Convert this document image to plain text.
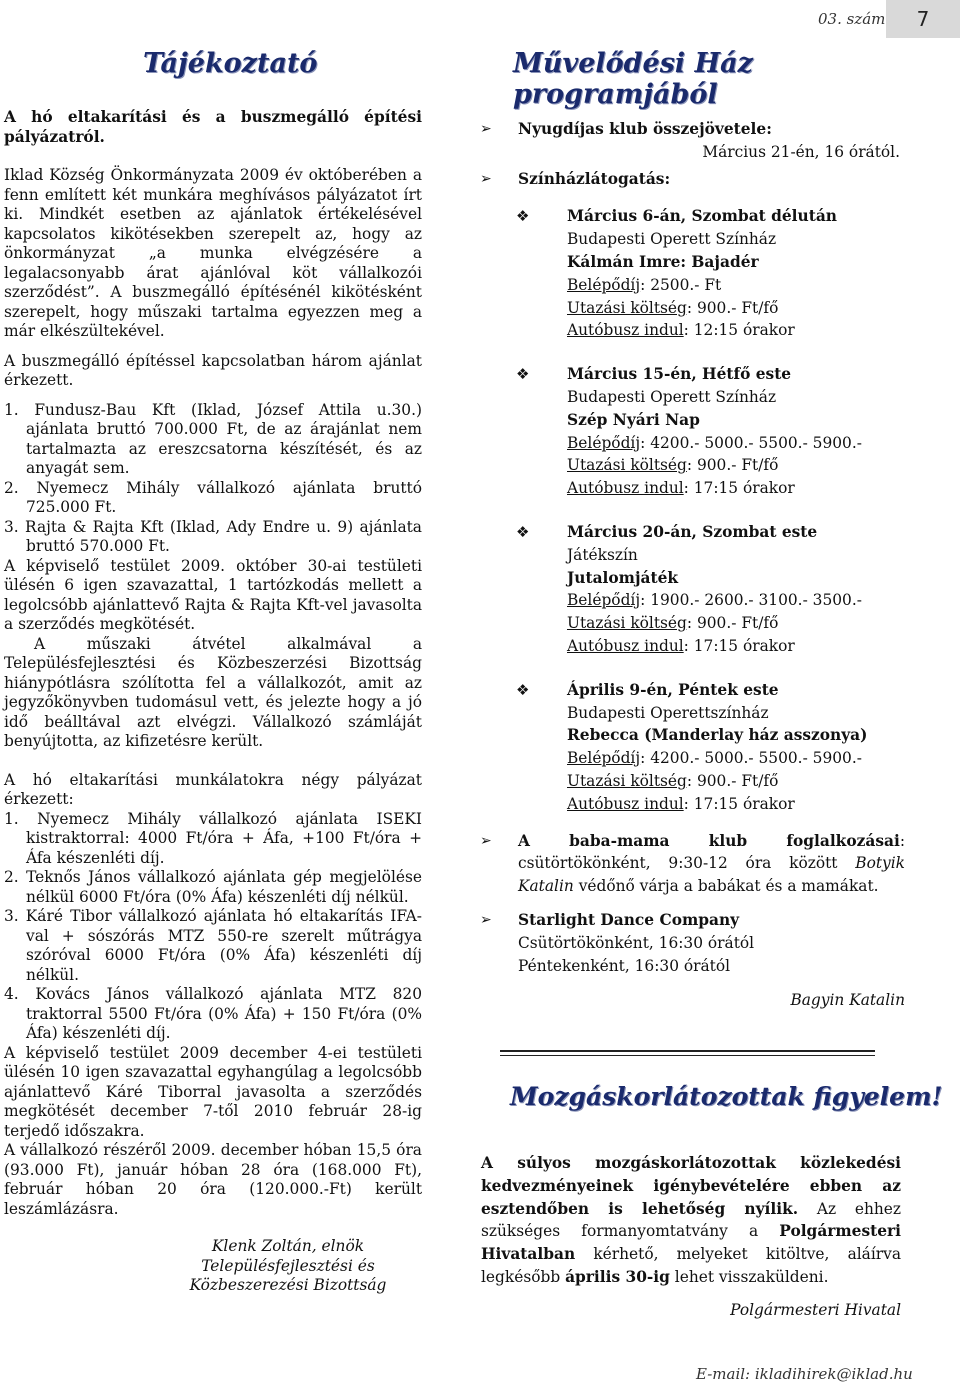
03. szám	7
Tájékoztató	Művelődési Ház programjából

A hó eltakarítási és a buszmegálló építési pályázatról.

Iklad Község Önkormányzata 2009 év októberében a fenn említett két munkára meghívásos pályázatot írt ki. Mindkét esetben az ajánlatok értékelésével kapcsolatos kikötésekben szerepelt az, hogy az önkormányzat „a munka elvégzésére a legalacsonyabb árat ajánlóval köt vállalkozói szerződést”. A buszmegálló építésénél kikötésként szerepelt, hogy műszaki tartalma egyezzen meg a már elkészültekével.

A buszmegálló építéssel kapcsolatban három ajánlat érkezett.

1. Fundusz-Bau Kft (Iklad, József Attila u.30.) ajánlata bruttó 700.000 Ft, de az árajánlat nem tartalmazta az ereszcsatorna készítését, és az anyagát sem.

2. Nyemecz Mihály vállalkozó ajánlata bruttó 725.000 Ft.

3. Rajta & Rajta Kft (Iklad, Ady Endre u. 9) ajánlata bruttó 570.000 Ft.

A képviselő testület 2009. október 30-ai testületi ülésén 6 igen szavazattal, 1 tartózkodás mellett a legolcsóbb ajánlattevő Rajta & Rajta Kft-vel javasolta a szerződés megkötését.

A műszaki átvétel alkalmával a Településfejlesztési és Közbeszerzési Bizottság hiánypótlásra szólította fel a vállalkozót, amit az jegyzőkönyvben tudomásul vett, és jelezte hogy a jó idő beálltával azt elvégzi. Vállalkozó számláját benyújtotta, az kifizetésre került.

A hó eltakarítási munkálatokra négy pályázat érkezett:

1. Nyemecz Mihály vállalkozó ajánlata ISEKI kistraktorral: 4000 Ft/óra + Áfa, +100 Ft/óra + Áfa készenléti díj.

2. Teknős János vállalkozó ajánlata gép megjelölése nélkül 6000 Ft/óra (0% Áfa) készenléti díj nélkül.

3. Káré Tibor vállalkozó ajánlata hó eltakarítás IFA-val + sószórás MTZ 550-re szerelt műtrágya szóróval 6000 Ft/óra (0% Áfa) készenléti díj nélkül.

4. Kovács János vállalkozó ajánlata MTZ 820 traktorral 5500 Ft/óra (0% Áfa) + 150 Ft/óra (0% Áfa) készenléti díj.

A képviselő testület 2009 december 4-ei testületi ülésén 10 igen szavazattal egyhangúlag a legolcsóbb ajánlattevő Káré Tiborral javasolta a szerződés megkötését december 7-től 2010 február 28-ig terjedő időszakra.

A vállalkozó részéről 2009. december hóban 15,5 óra (93.000 Ft), január hóban 28 óra (168.000 Ft), február hóban 20 óra (120.000.-Ft) került leszámlázásra.

Klenk Zoltán, elnök
Településfejlesztési és
Közbeszerezési Bizottság

➢ Nyugdíjas klub összejövetele:
Március 21-én, 16 órától.
➢ Színházlátogatás:
❖ Március 6-án, Szombat délután
Budapesti Operett Színház
Kálmán Imre: Bajadér
Belépődíj: 2500.- Ft
Utazási költség: 900.- Ft/fő
Autóbusz indul: 12:15 órakor
❖ Március 15-én, Hétfő este
Budapesti Operett Színház
Szép Nyári Nap
Belépődíj: 4200.- 5000.- 5500.- 5900.-
Utazási költség: 900.- Ft/fő
Autóbusz indul: 17:15 órakor
❖ Március 20-án, Szombat este
Játékszín
Jutalomjáték
Belépődíj: 1900.- 2600.- 3100.- 3500.-
Utazási költség: 900.- Ft/fő
Autóbusz indul: 17:15 órakor
❖ Április 9-én, Péntek este
Budapesti Operettszínház
Rebecca (Manderlay ház asszonya)
Belépődíj: 4200.- 5000.- 5500.- 5900.-
Utazási költség: 900.- Ft/fő
Autóbusz indul: 17:15 órakor
➢ A baba-mama klub foglalkozásai: csütörtökönként, 9:30-12 óra között Botyik Katalin védőnő várja a babákat és a mamákat.
➢ Starlight Dance Company
Csütörtökönként, 16:30 órától
Péntekenként, 16:30 órától
Bagyin Katalin
Mozgáskorlátozottak figyelem!
A súlyos mozgáskorlátozottak közlekedési kedvezményeinek igénybevételére ebben az esztendőben is lehetőség nyílik. Az ehhez szükséges formanyomtatvány a Polgármesteri Hivatalban kérhető, melyeket kitöltve, aláírva legkésőbb április 30-ig lehet visszaküldeni.
Polgármesteri Hivatal
E-mail: ikladihirek@iklad.hu
